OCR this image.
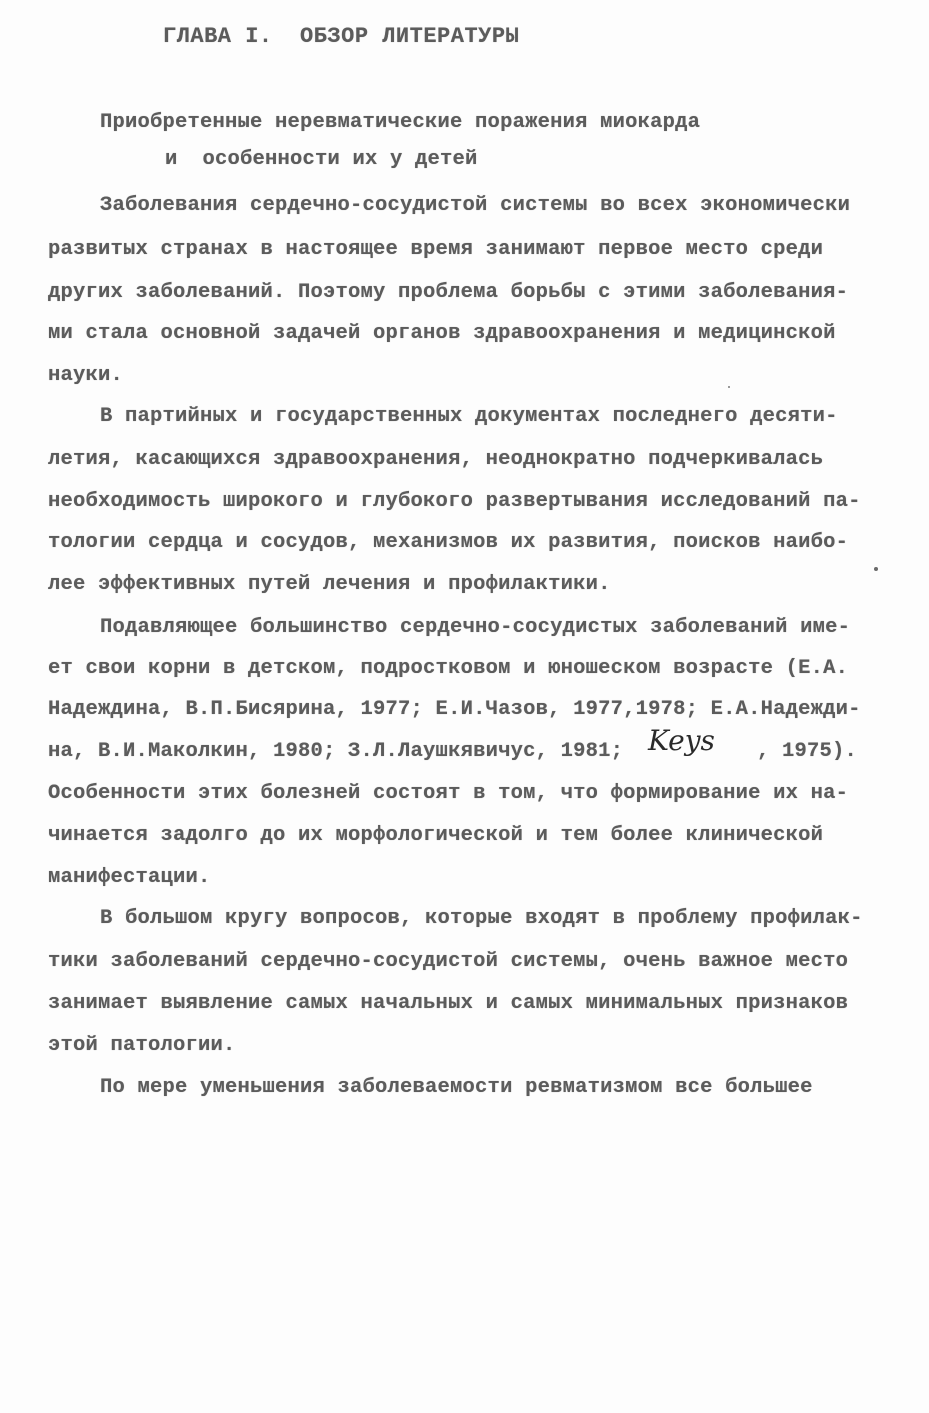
ГЛАВА I.  ОБЗОР ЛИТЕРАТУРЫ
Приобретенные неревматические поражения миокарда
и  особенности их у детей
Заболевания сердечно-сосудистой системы во всех экономически
развитых странах в настоящее время занимают первое место среди
других заболеваний. Поэтому проблема борьбы с этими заболевания-
ми стала основной задачей органов здравоохранения и медицинской
науки.
В партийных и государственных документах последнего десяти-
летия, касающихся здравоохранения, неоднократно подчеркивалась
необходимость широкого и глубокого развертывания исследований па-
тологии сердца и сосудов, механизмов их развития, поисков наибо-
лее эффективных путей лечения и профилактики.
Подавляющее большинство сердечно-сосудистых заболеваний име-
ет свои корни в детском, подростковом и юношеском возрасте (Е.А.
Надеждина, В.П.Бисярина, 1977; Е.И.Чазов, 1977,1978; Е.А.Надежди-
на, В.И.Маколкин, 1980; З.Л.Лаушкявичус, 1981; Keys , 1975).
Особенности этих болезней состоят в том, что формирование их на-
чинается задолго до их морфологической и тем более клинической
манифестации.
В большом кругу вопросов, которые входят в проблему профилак-
тики заболеваний сердечно-сосудистой системы, очень важное место
занимает выявление самых начальных и самых минимальных признаков
этой патологии.
По мере уменьшения заболеваемости ревматизмом все большее
